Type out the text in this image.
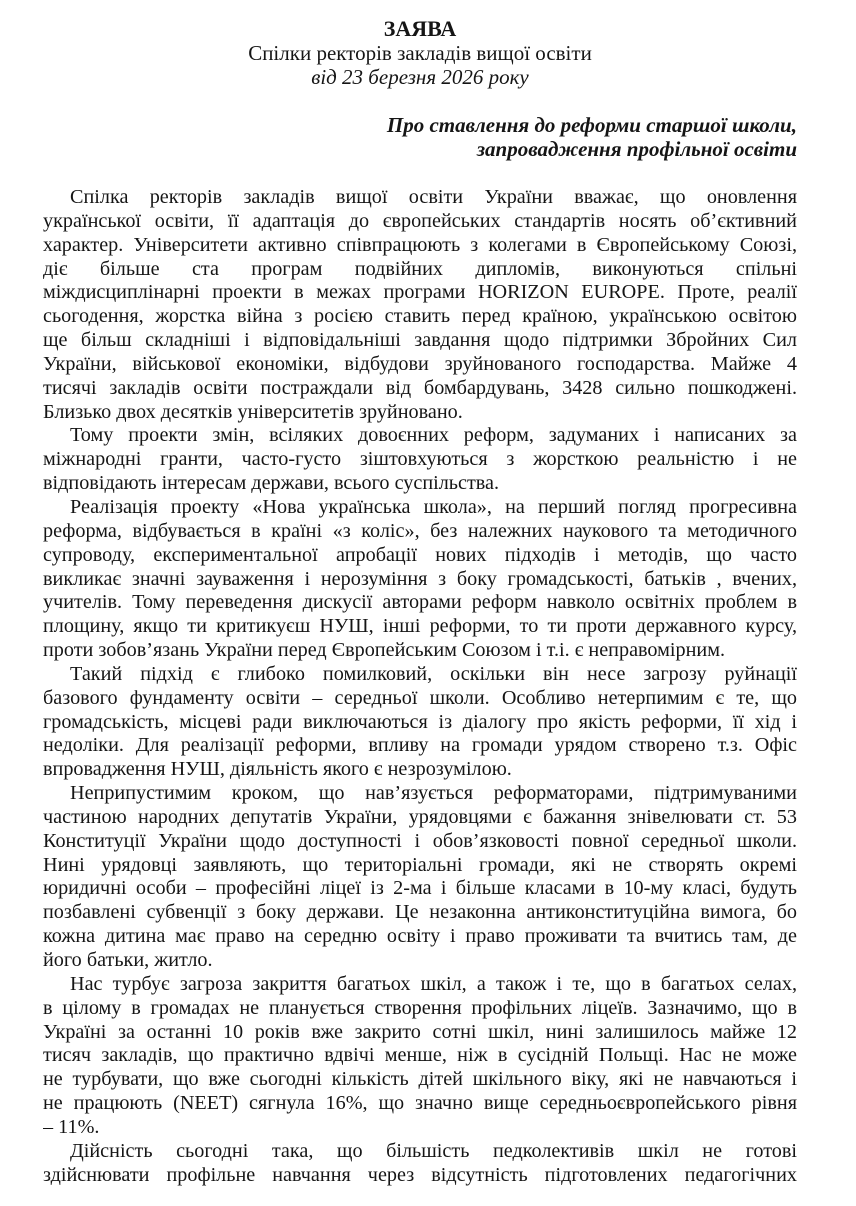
ЗАЯВА
Спілки ректорів закладів вищої освіти
від 23 березня 2026 року
Про ставлення до реформи старшої школи,
запровадження профільної освіти
Спілка ректорів закладів вищої освіти України вважає, що оновлення
української освіти, її адаптація до європейських стандартів носять об’єктивний
характер. Університети активно співпрацюють з колегами в Європейському Союзі,
діє більше ста програм подвійних дипломів, виконуються спільні
міждисциплінарні проекти в межах програми HORIZON EUROPE. Проте, реалії
сьогодення, жорстка війна з росією ставить перед країною, українською освітою
ще більш складніші і відповідальніші завдання щодо підтримки Збройних Сил
України, військової економіки, відбудови зруйнованого господарства. Майже 4
тисячі закладів освіти постраждали від бомбардувань, 3428 сильно пошкоджені.
Близько двох десятків університетів зруйновано.
Тому проекти змін, всіляких довоєнних реформ, задуманих і написаних за
міжнародні гранти, часто-густо зіштовхуються з жорсткою реальністю і не
відповідають інтересам держави, всього суспільства.
Реалізація проекту «Нова українська школа», на перший погляд прогресивна
реформа, відбувається в країні «з коліс», без належних наукового та методичного
супроводу, експериментальної апробації нових підходів і методів, що часто
викликає значні зауваження і нерозуміння з боку громадськості, батьків , вчених,
учителів. Тому переведення дискусії авторами реформ навколо освітніх проблем в
площину, якщо ти критикуєш НУШ, інші реформи, то ти проти державного курсу,
проти зобов’язань України перед Європейським Союзом і т.і. є неправомірним.
Такий підхід є глибоко помилковий, оскільки він несе загрозу руйнації
базового фундаменту освіти – середньої школи. Особливо нетерпимим є те, що
громадськість, місцеві ради виключаються із діалогу про якість реформи, її хід і
недоліки. Для реалізації реформи, впливу на громади урядом створено т.з. Офіс
впровадження НУШ, діяльність якого є незрозумілою.
Неприпустимим кроком, що нав’язується реформаторами, підтримуваними
частиною народних депутатів України, урядовцями є бажання знівелювати ст. 53
Конституції України щодо доступності і обов’язковості повної середньої школи.
Нині урядовці заявляють, що територіальні громади, які не створять окремі
юридичні особи – професійні ліцеї із 2-ма і більше класами в 10-му класі, будуть
позбавлені субвенції з боку держави. Це незаконна антиконституційна вимога, бо
кожна дитина має право на середню освіту і право проживати та вчитись там, де
його батьки, житло.
Нас турбує загроза закриття багатьох шкіл, а також і те, що в багатьох селах,
в цілому в громадах не планується створення профільних ліцеїв. Зазначимо, що в
Україні за останні 10 років вже закрито сотні шкіл, нині залишилось майже 12
тисяч закладів, що практично вдвічі менше, ніж в сусідній Польщі. Нас не може
не турбувати, що вже сьогодні кількість дітей шкільного віку, які не навчаються і
не працюють (NEET) сягнула 16%, що значно вище середньоєвропейського рівня
– 11%.
Дійсність сьогодні така, що більшість педколективів шкіл не готові
здійснювати профільне навчання через відсутність підготовлених педагогічних
